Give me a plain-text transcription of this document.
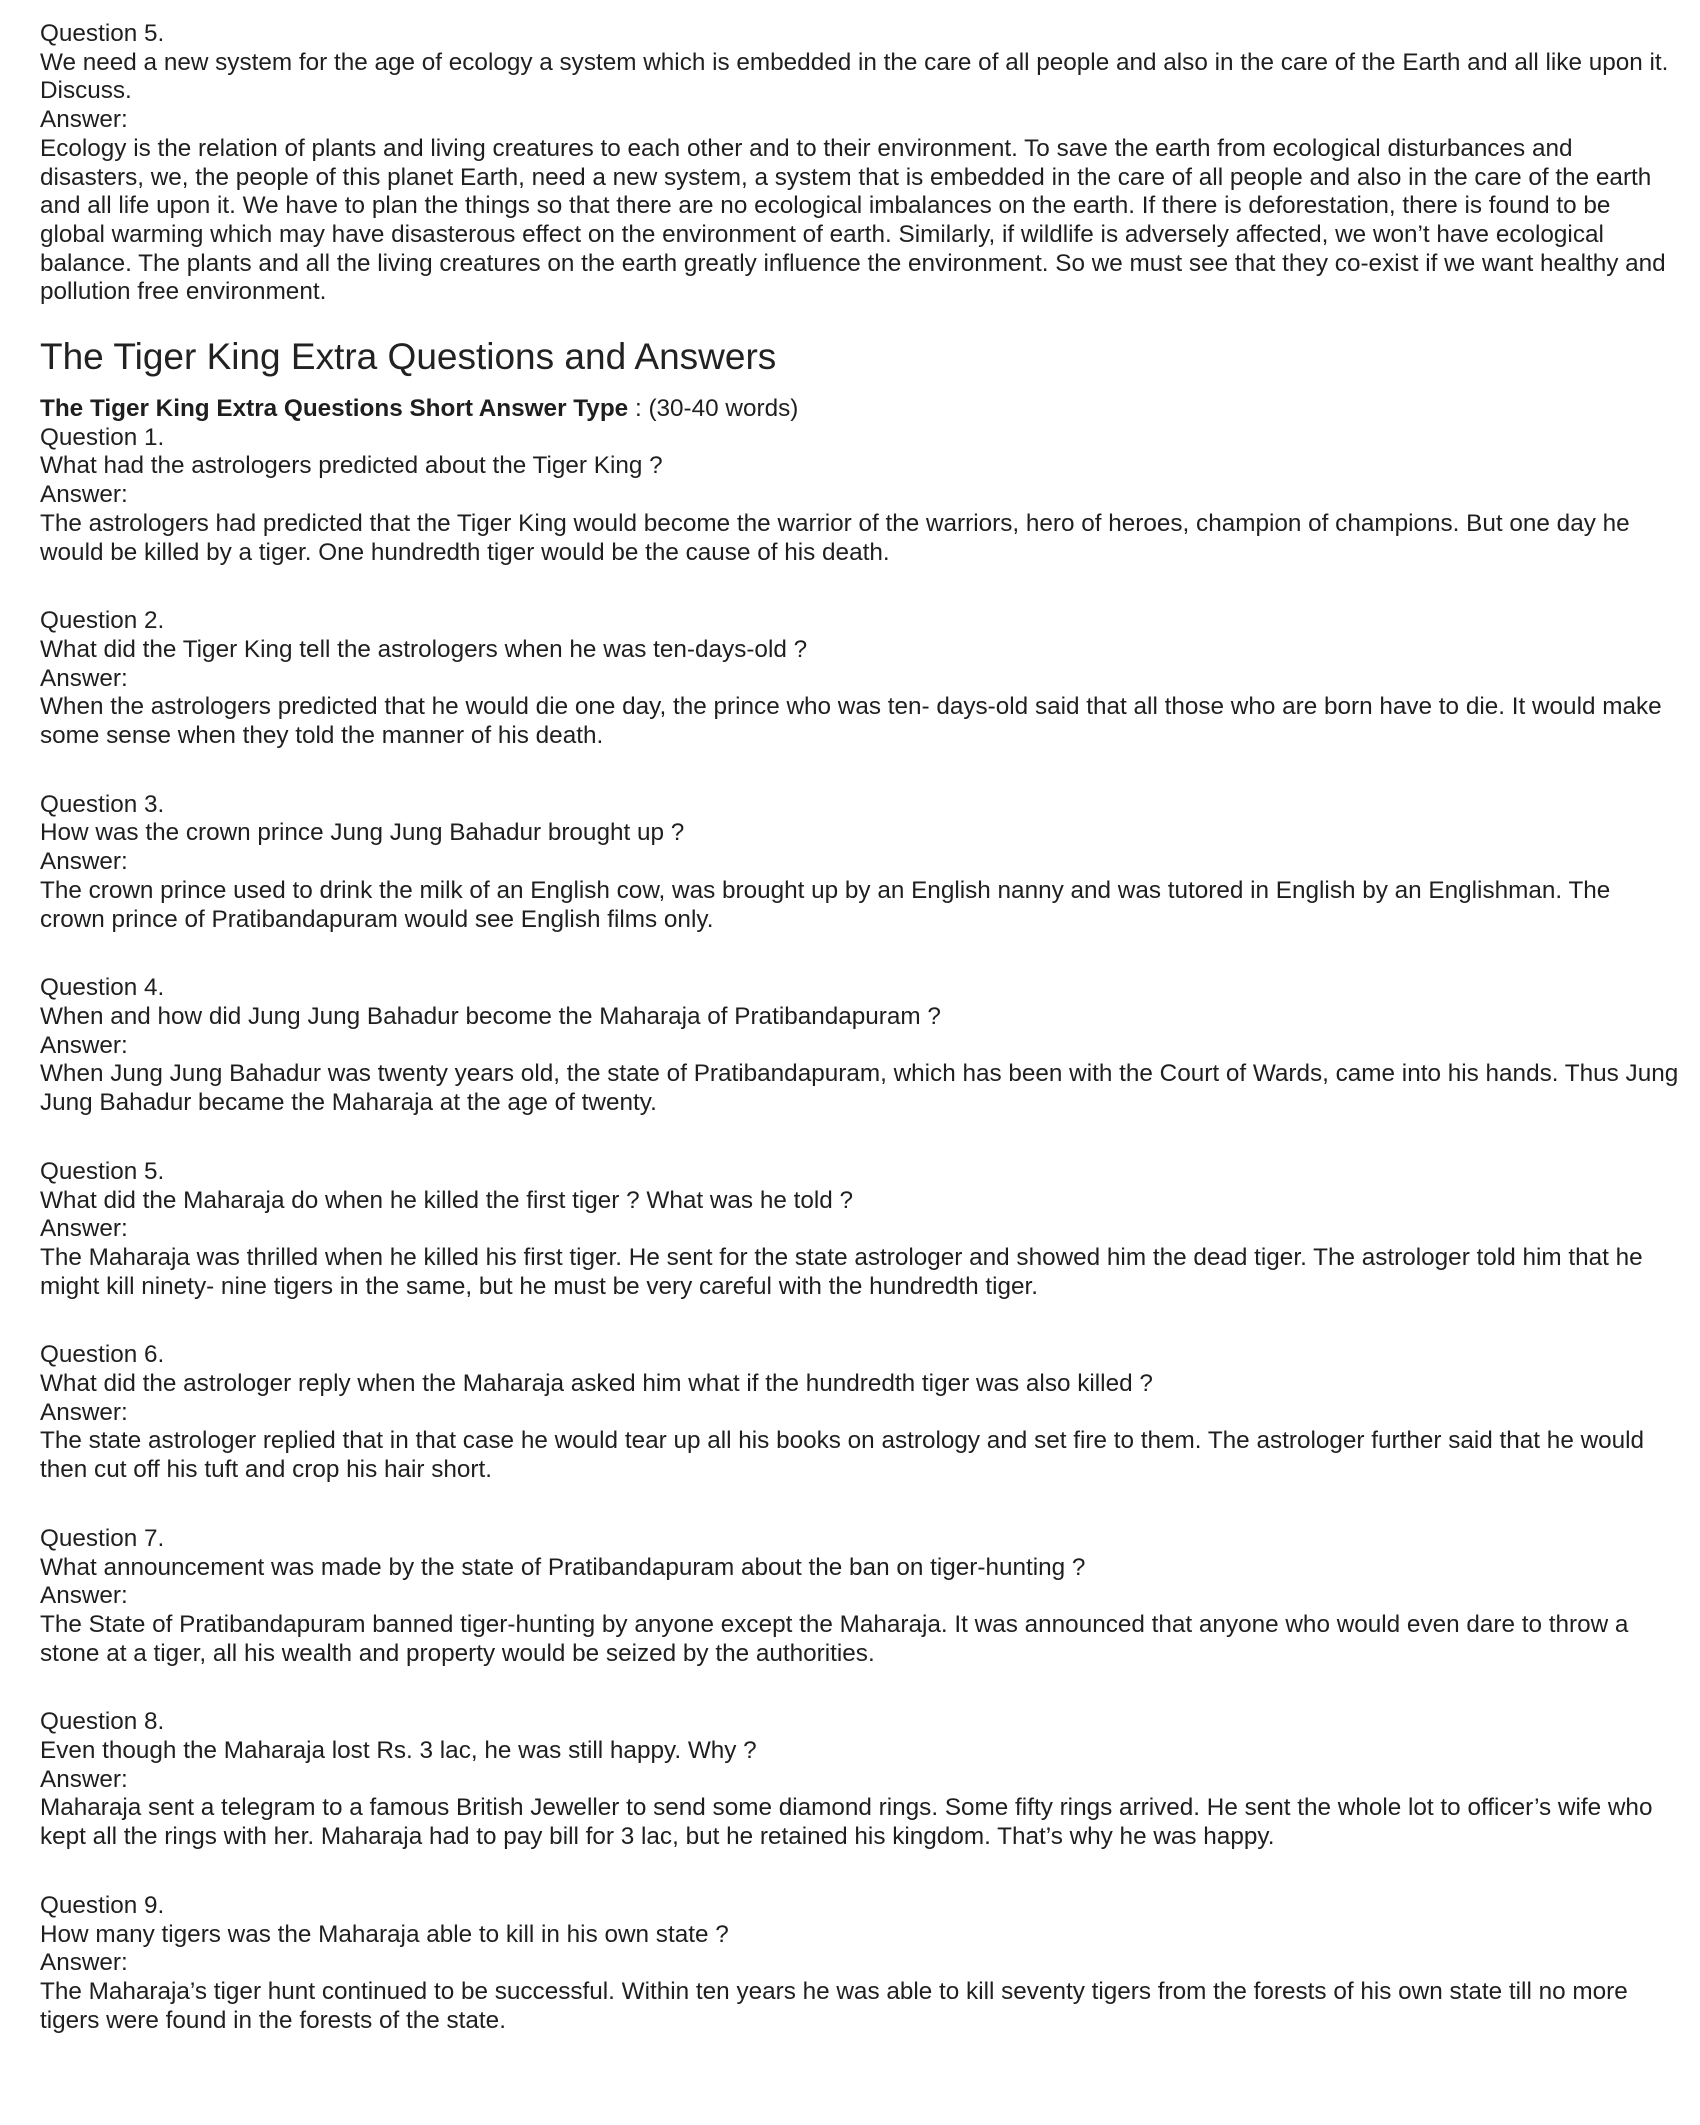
Question 5.

We need a new system for the age of ecology a system which is embedded in the care of all people and also in the care of the Earth and all like upon it. Discuss.

Answer:

Ecology is the relation of plants and living creatures to each other and to their environment. To save the earth from ecological disturbances and disasters, we, the people of this planet Earth, need a new system, a system that is embedded in the care of all people and also in the care of the earth and all life upon it. We have to plan the things so that there are no ecological imbalances on the earth. If there is deforestation, there is found to be global warming which may have disasterous effect on the environment of earth. Similarly, if wildlife is adversely affected, we won’t have ecological balance. The plants and all the living creatures on the earth greatly influence the environment. So we must see that they co-exist if we want healthy and pollution free environment.

The Tiger King Extra Questions and Answers

The Tiger King Extra Questions Short Answer Type : (30-40 words)

Question 1.

What had the astrologers predicted about the Tiger King ?

Answer:

The astrologers had predicted that the Tiger King would become the warrior of the warriors, hero of heroes, champion of champions. But one day he would be killed by a tiger. One hundredth tiger would be the cause of his death.

Question 2.

What did the Tiger King tell the astrologers when he was ten-days-old ?

Answer:

When the astrologers predicted that he would die one day, the prince who was ten- days-old said that all those who are born have to die. It would make some sense when they told the manner of his death.

Question 3.

How was the crown prince Jung Jung Bahadur brought up ?

Answer:

The crown prince used to drink the milk of an English cow, was brought up by an English nanny and was tutored in English by an Englishman. The crown prince of Pratibandapuram would see English films only.

Question 4.

When and how did Jung Jung Bahadur become the Maharaja of Pratibandapuram ?

Answer:

When Jung Jung Bahadur was twenty years old, the state of Pratibandapuram, which has been with the Court of Wards, came into his hands. Thus Jung Jung Bahadur became the Maharaja at the age of twenty.

Question 5.

What did the Maharaja do when he killed the first tiger ? What was he told ?

Answer:

The Maharaja was thrilled when he killed his first tiger. He sent for the state astrologer and showed him the dead tiger. The astrologer told him that he might kill ninety- nine tigers in the same, but he must be very careful with the hundredth tiger.

Question 6.

What did the astrologer reply when the Maharaja asked him what if the hundredth tiger was also killed ?

Answer:

The state astrologer replied that in that case he would tear up all his books on astrology and set fire to them. The astrologer further said that he would then cut off his tuft and crop his hair short.

Question 7.

What announcement was made by the state of Pratibandapuram about the ban on tiger-hunting ?

Answer:

The State of Pratibandapuram banned tiger-hunting by anyone except the Maharaja. It was announced that anyone who would even dare to throw a stone at a tiger, all his wealth and property would be seized by the authorities.

Question 8.

Even though the Maharaja lost Rs. 3 lac, he was still happy. Why ?

Answer:

Maharaja sent a telegram to a famous British Jeweller to send some diamond rings. Some fifty rings arrived. He sent the whole lot to officer’s wife who kept all the rings with her. Maharaja had to pay bill for 3 lac, but he retained his kingdom. That’s why he was happy.

Question 9.

How many tigers was the Maharaja able to kill in his own state ?

Answer:

The Maharaja’s tiger hunt continued to be successful. Within ten years he was able to kill seventy tigers from the forests of his own state till no more tigers were found in the forests of the state.
